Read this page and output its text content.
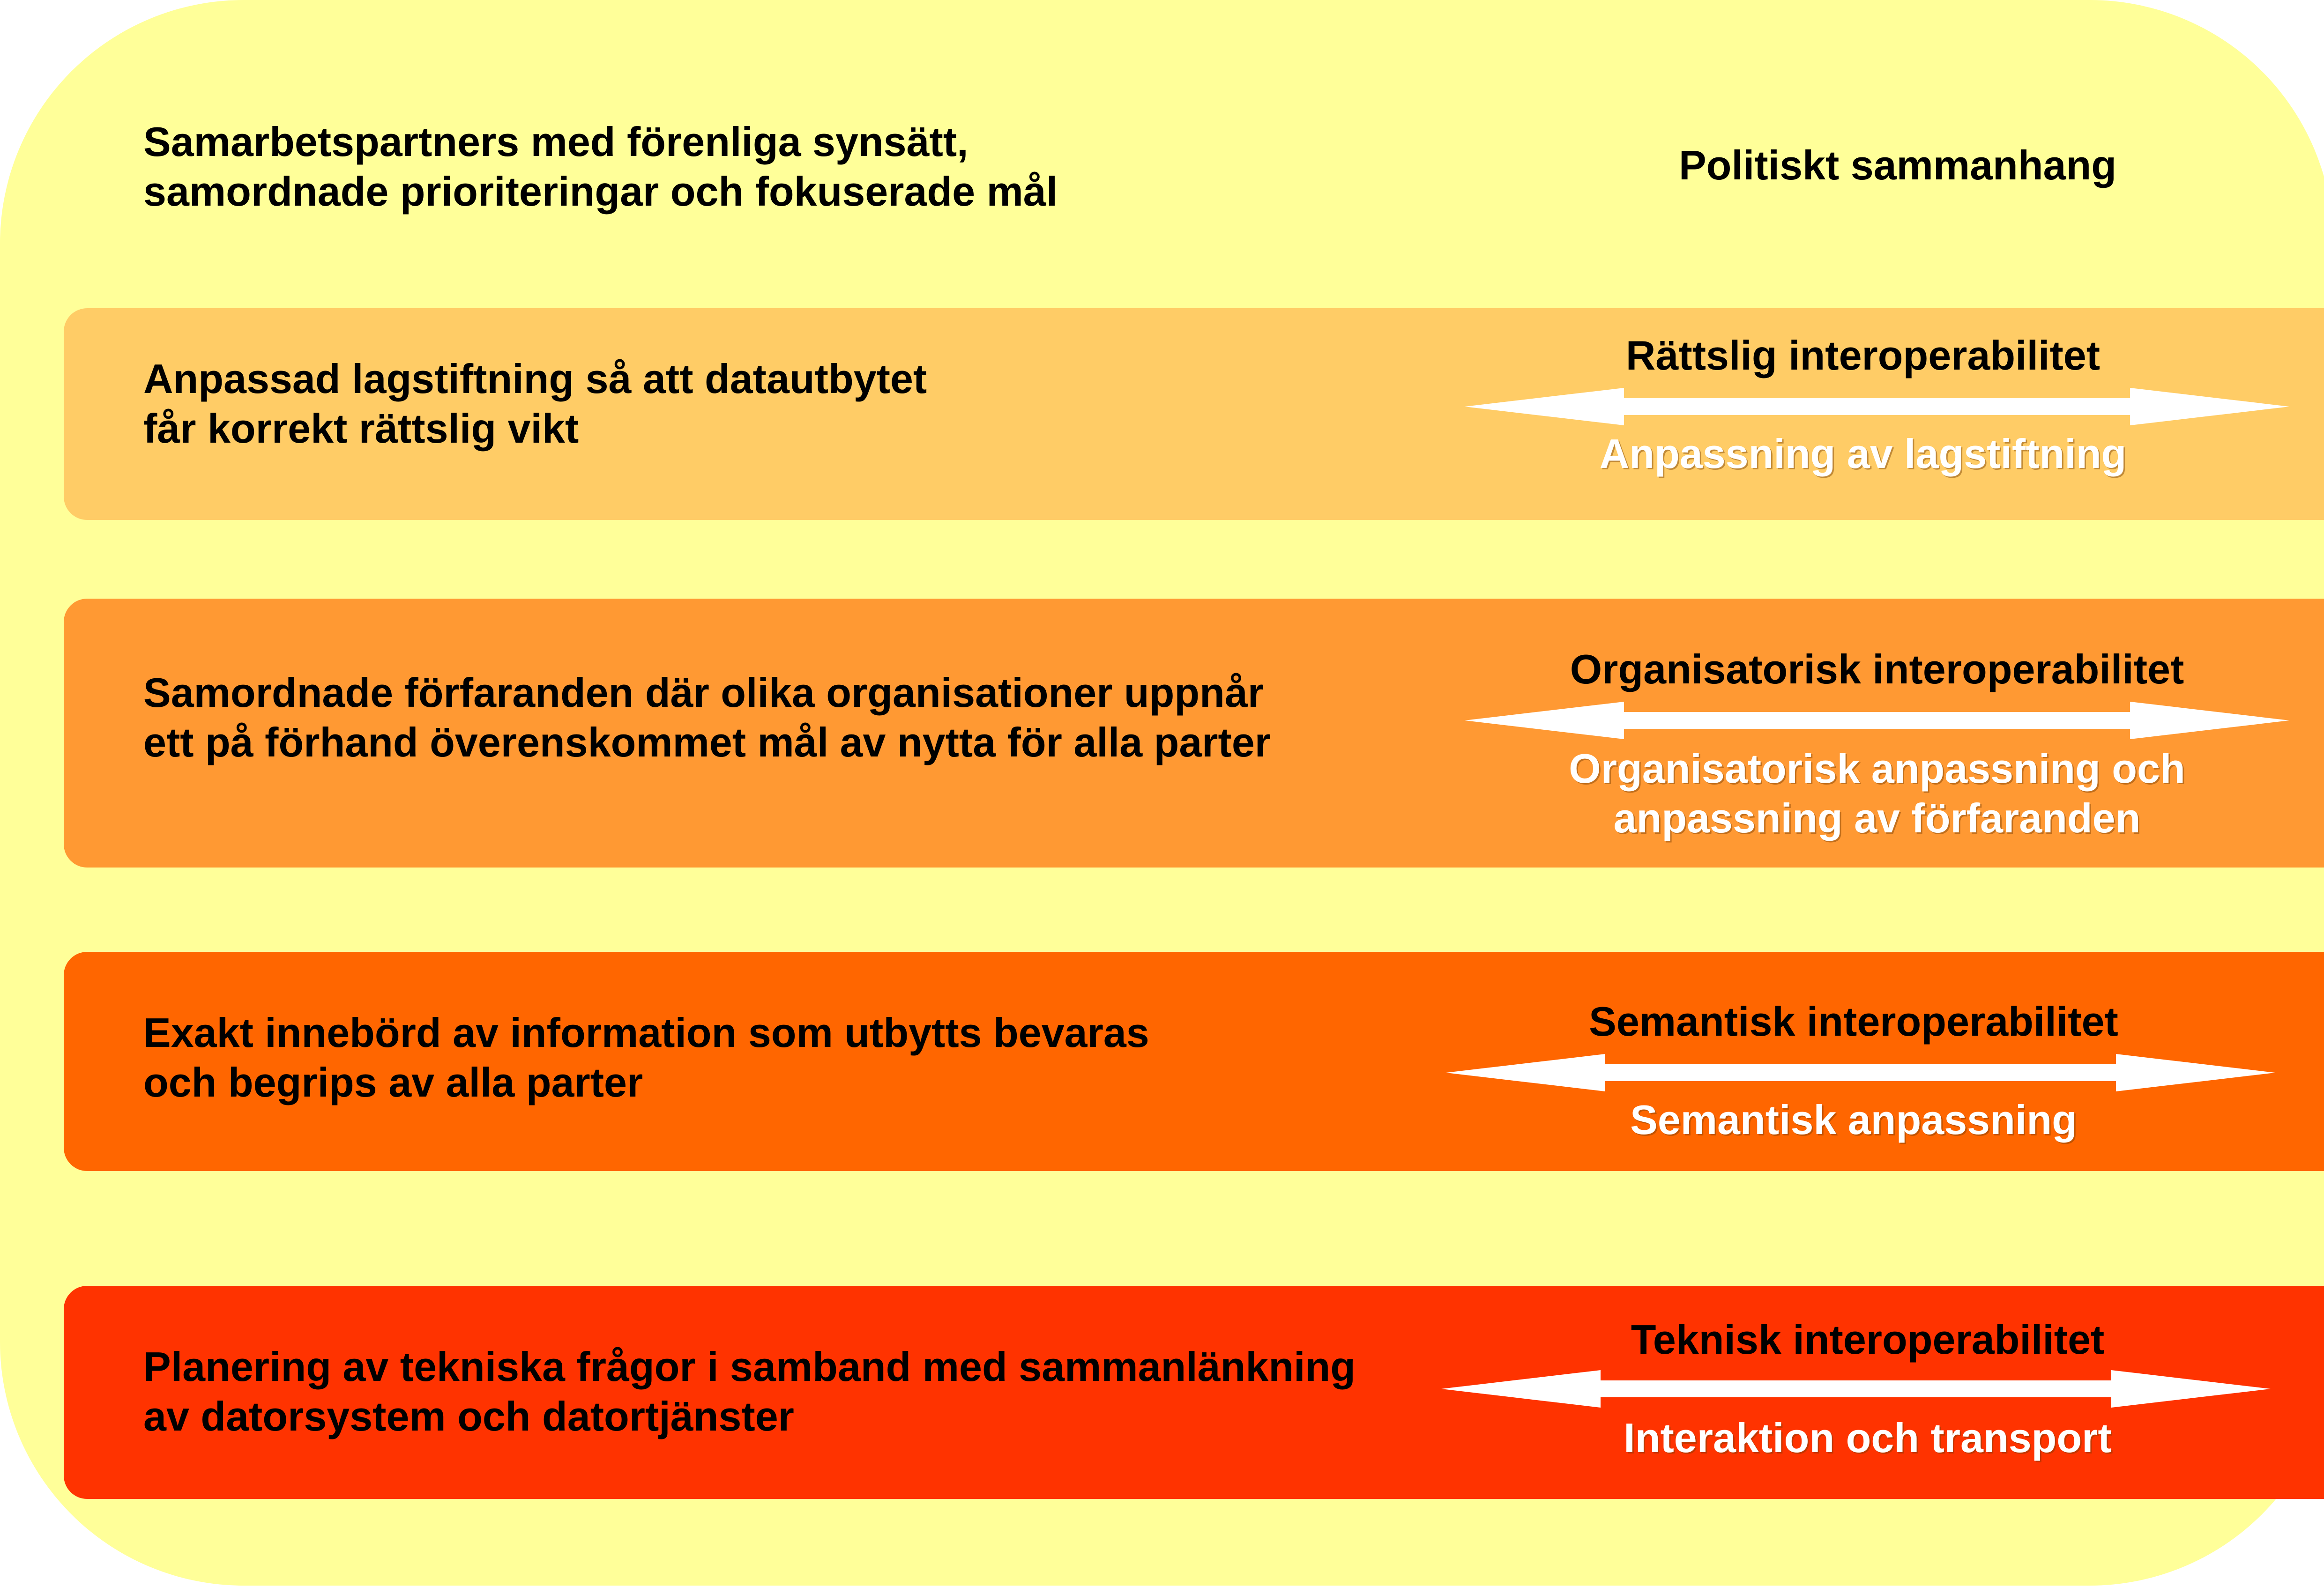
Samarbetspartners med förenliga synsätt,
samordnade prioriteringar och fokuserade mål
Politiskt sammanhang
Anpassad lagstiftning så att datautbytet
får korrekt rättslig vikt
Rättslig interoperabilitet
Anpassning av lagstiftning
Samordnade förfaranden där olika organisationer uppnår
ett på förhand överenskommet mål av nytta för alla parter
Organisatorisk interoperabilitet
Organisatorisk anpassning och
anpassning av förfaranden
Exakt innebörd av information som utbytts bevaras
och begrips av alla parter
Semantisk interoperabilitet
Semantisk anpassning
Planering av tekniska frågor i samband med sammanlänkning
av datorsystem och datortjänster
Teknisk interoperabilitet
Interaktion och transport
